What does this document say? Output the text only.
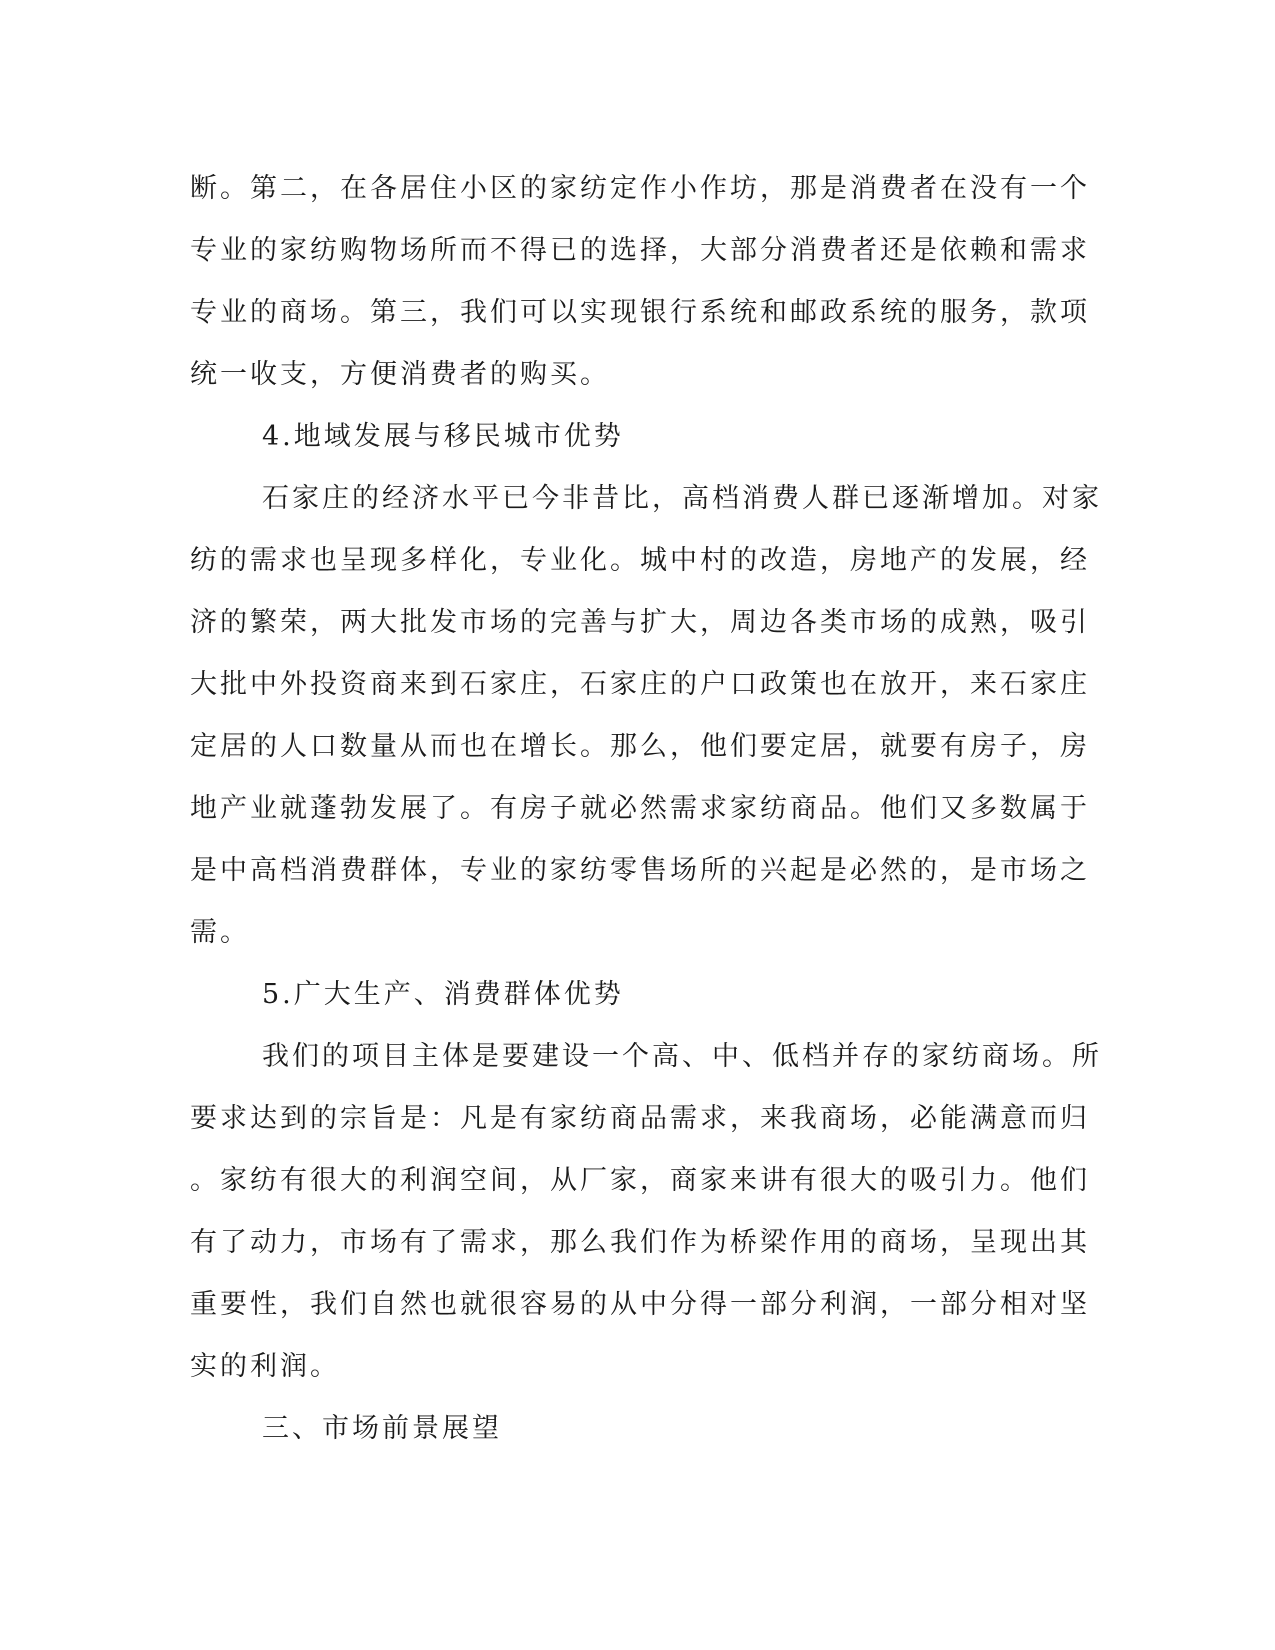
断。第二，在各居住小区的家纺定作小作坊，那是消费者在没有一个
专业的家纺购物场所而不得已的选择，大部分消费者还是依赖和需求
专业的商场。第三，我们可以实现银行系统和邮政系统的服务，款项
统一收支，方便消费者的购买。
4.地域发展与移民城市优势
石家庄的经济水平已今非昔比，高档消费人群已逐渐增加。对家
纺的需求也呈现多样化，专业化。城中村的改造，房地产的发展，经
济的繁荣，两大批发市场的完善与扩大，周边各类市场的成熟，吸引
大批中外投资商来到石家庄，石家庄的户口政策也在放开，来石家庄
定居的人口数量从而也在增长。那么，他们要定居，就要有房子，房
地产业就蓬勃发展了。有房子就必然需求家纺商品。他们又多数属于
是中高档消费群体，专业的家纺零售场所的兴起是必然的，是市场之
需。
5.广大生产、消费群体优势
我们的项目主体是要建设一个高、中、低档并存的家纺商场。所
要求达到的宗旨是：凡是有家纺商品需求，来我商场，必能满意而归
。家纺有很大的利润空间，从厂家，商家来讲有很大的吸引力。他们
有了动力，市场有了需求，那么我们作为桥梁作用的商场，呈现出其
重要性，我们自然也就很容易的从中分得一部分利润，一部分相对坚
实的利润。
三、市场前景展望
